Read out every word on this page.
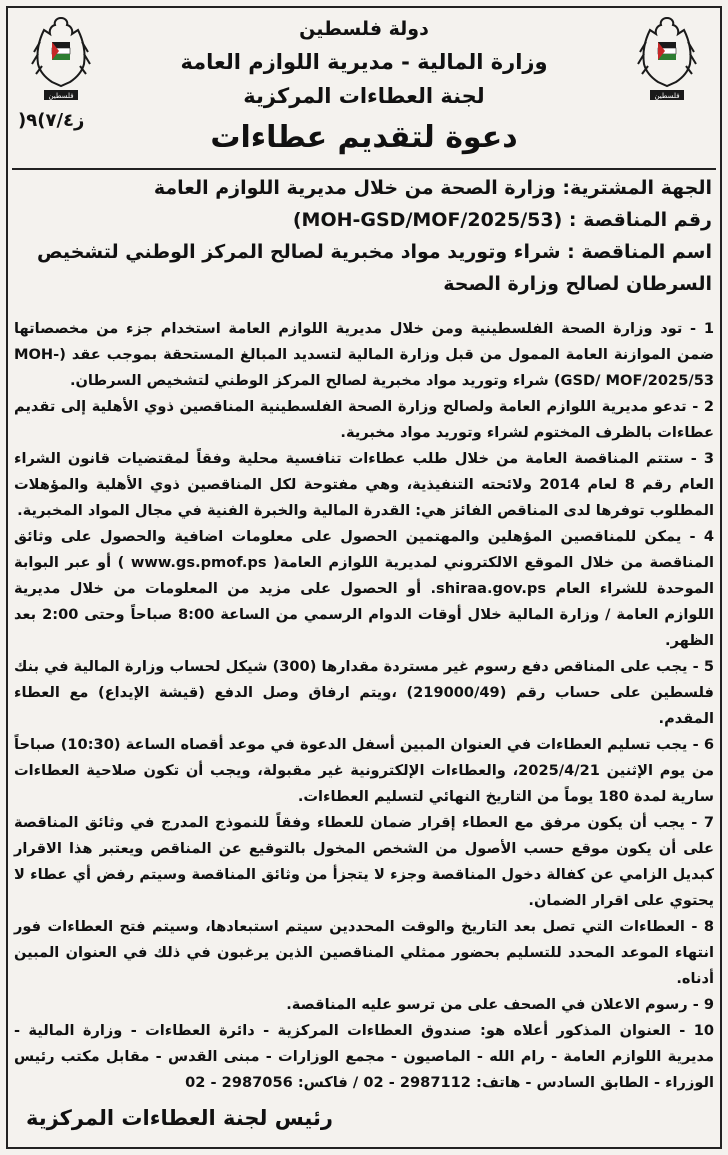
فلسطين	فلسطين
دولة فلسطين
وزارة المالية - مديرية اللوازم العامة
لجنة العطاءات المركزية
دعوة لتقديم عطاءات
ز٧/٤)٩(
الجهة المشترية: وزارة الصحة من خلال مديرية اللوازم العامة
رقم المناقصة : (MOH-GSD/MOF/2025/53)
اسم المناقصة : شراء وتوريد مواد مخبرية لصالح المركز الوطني لتشخيص
السرطان لصالح وزارة الصحة

1 - تود وزارة الصحة الفلسطينية ومن خلال مديرية اللوازم العامة استخدام جزء من مخصصاتها ضمن الموازنة العامة الممول من قبل وزارة المالية لتسديد المبالغ المستحقة بموجب عقد (MOH-GSD/ MOF/2025/53) شراء وتوريد مواد مخبرية لصالح المركز الوطني لتشخيص السرطان.

2 - تدعو مديرية اللوازم العامة ولصالح وزارة الصحة الفلسطينية المناقصين ذوي الأهلية إلى تقديم عطاءات بالظرف المختوم لشراء وتوريد مواد مخبرية.

3 - ستتم المناقصة العامة من خلال طلب عطاءات تنافسية محلية وفقاً لمقتضيات قانون الشراء العام رقم 8 لعام 2014 ولائحته التنفيذية، وهي مفتوحة لكل المناقصين ذوي الأهلية والمؤهلات المطلوب توفرها لدى المناقص الفائز هي: القدرة المالية والخبرة الفنية في مجال المواد المخبرية.

4 - يمكن للمناقصين المؤهلين والمهتمين الحصول على معلومات اضافية والحصول على وثائق المناقصة من خلال الموقع الالكتروني لمديرية اللوازم العامة( www.gs.pmof.ps ) أو عبر البوابة الموحدة للشراء العام shiraa.gov.ps. أو الحصول على مزيد من المعلومات من خلال مديرية اللوازم العامة / وزارة المالية خلال أوقات الدوام الرسمي من الساعة 8:00 صباحاً وحتى 2:00 بعد الظهر.

5 - يجب على المناقص دفع رسوم غير مستردة مقدارها (300) شيكل لحساب وزارة المالية في بنك فلسطين على حساب رقم (219000/49) ،ويتم ارفاق وصل الدفع (قيشة الإيداع) مع العطاء المقدم.

6 - يجب تسليم العطاءات في العنوان المبين أسفل الدعوة في موعد أقصاه الساعة (10:30) صباحاً من يوم الإثنين 2025/4/21، والعطاءات الإلكترونية غير مقبولة، ويجب أن تكون صلاحية العطاءات سارية لمدة 180 يوماً من التاريخ النهائي لتسليم العطاءات.

7 - يجب أن يكون مرفق مع العطاء إقرار ضمان للعطاء وفقاً للنموذج المدرج في وثائق المناقصة على أن يكون موقع حسب الأصول من الشخص المخول بالتوقيع عن المناقص ويعتبر هذا الاقرار كبديل الزامي عن كفالة دخول المناقصة وجزء لا يتجزأ من وثائق المناقصة وسيتم رفض أي عطاء لا يحتوي على اقرار الضمان.

8 - العطاءات التي تصل بعد التاريخ والوقت المحددين سيتم استبعادها، وسيتم فتح العطاءات فور انتهاء الموعد المحدد للتسليم بحضور ممثلي المناقصين الذين يرغبون في ذلك في العنوان المبين أدناه.

9 - رسوم الاعلان في الصحف على من ترسو عليه المناقصة.

10 - العنوان المذكور أعلاه هو: صندوق العطاءات المركزية - دائرة العطاءات - وزارة المالية - مديرية اللوازم العامة - رام الله - الماصيون - مجمع الوزارات - مبنى القدس - مقابل مكتب رئيس الوزراء - الطابق السادس - هاتف: 2987112 - 02 / فاكس: 2987056 - 02

رئيس لجنة العطاءات المركزية
